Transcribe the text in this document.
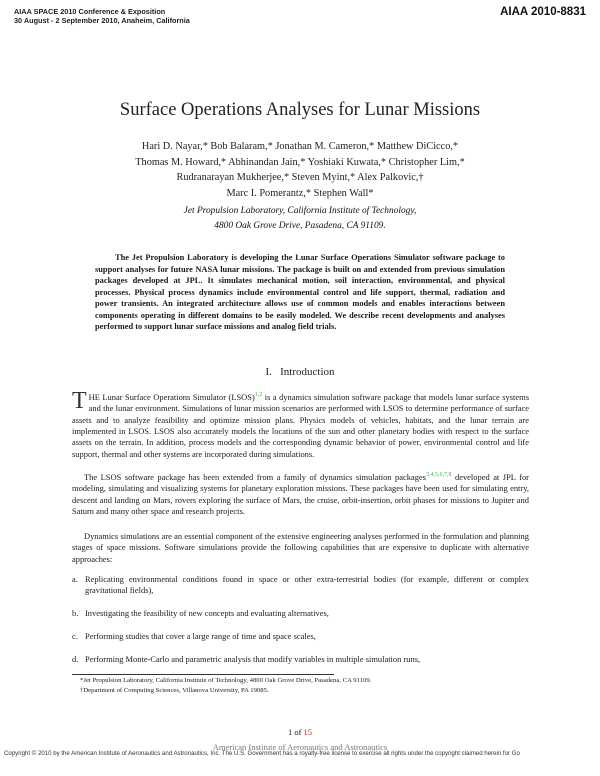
AIAA SPACE 2010 Conference & Exposition
30 August - 2 September 2010, Anaheim, California
AIAA 2010-8831
Surface Operations Analyses for Lunar Missions
Hari D. Nayar,* Bob Balaram,* Jonathan M. Cameron,* Matthew DiCicco,*
Thomas M. Howard,* Abhinandan Jain,* Yoshiaki Kuwata,* Christopher Lim,*
Rudranarayan Mukherjee,* Steven Myint,* Alex Palkovic,†
Marc I. Pomerantz,* Stephen Wall*
Jet Propulsion Laboratory, California Institute of Technology,
4800 Oak Grove Drive, Pasadena, CA 91109.
The Jet Propulsion Laboratory is developing the Lunar Surface Operations Simulator software package to support analyses for future NASA lunar missions. The package is built on and extended from previous simulation packages developed at JPL. It simulates mechanical motion, soil interaction, environmental, and physical processes. Physical process dynamics include environmental control and life support, thermal, radiation and power transients. An integrated architecture allows use of common models and enables interactions between components operating in different domains to be easily modeled. We describe recent developments and analyses performed to support lunar surface missions and analog field trials.
I. Introduction

THE Lunar Surface Operations Simulator (LSOS)$^{1,2}$ is a dynamics simulation software package that models lunar surface systems and the lunar environment. Simulations of lunar mission scenarios are performed with LSOS to determine performance of surface assets and to analyze feasibility and optimize mission plans. Physics models of vehicles, habitats, and the lunar terrain are implemented in LSOS. LSOS also accurately models the locations of the sun and other planetary bodies with respect to the surface assets on the terrain. In addition, process models and the corresponding dynamic behavior of power, environmental control and life support, thermal and other systems are incorporated during simulations.

The LSOS software package has been extended from a family of dynamics simulation packages$^{3,4,5,6,7,8}$ developed at JPL for modeling, simulating and visualizing systems for planetary exploration missions. These packages have been used for simulating entry, descent and landing on Mars, rovers exploring the surface of Mars, the cruise, orbit-insertion, orbit phases for missions to Jupiter and Saturn and many other space and research projects.

Dynamics simulations are an essential component of the extensive engineering analyses performed in the formulation and planning stages of space missions. Software simulations provide the following capabilities that are expensive to duplicate with alternative approaches:

a. Replicating environmental conditions found in space or other extra-terrestrial bodies (for example, different or complex gravitational fields),
b. Investigating the feasibility of new concepts and evaluating alternatives,
c. Performing studies that cover a large range of time and space scales,
d. Performing Monte-Carlo and parametric analysis that modify variables in multiple simulation runs,
*Jet Propulsion Laboratory, California Institute of Technology, 4800 Oak Grove Drive, Pasadena, CA 91109.
†Department of Computing Sciences, Villanova University, PA 19085.
1 of 15
American Institute of Aeronautics and Astronautics
Copyright © 2010 by the American Institute of Aeronautics and Astronautics, Inc. The U.S. Government has a royalty-free license to exercise all rights under the copyright claimed herein for Go
